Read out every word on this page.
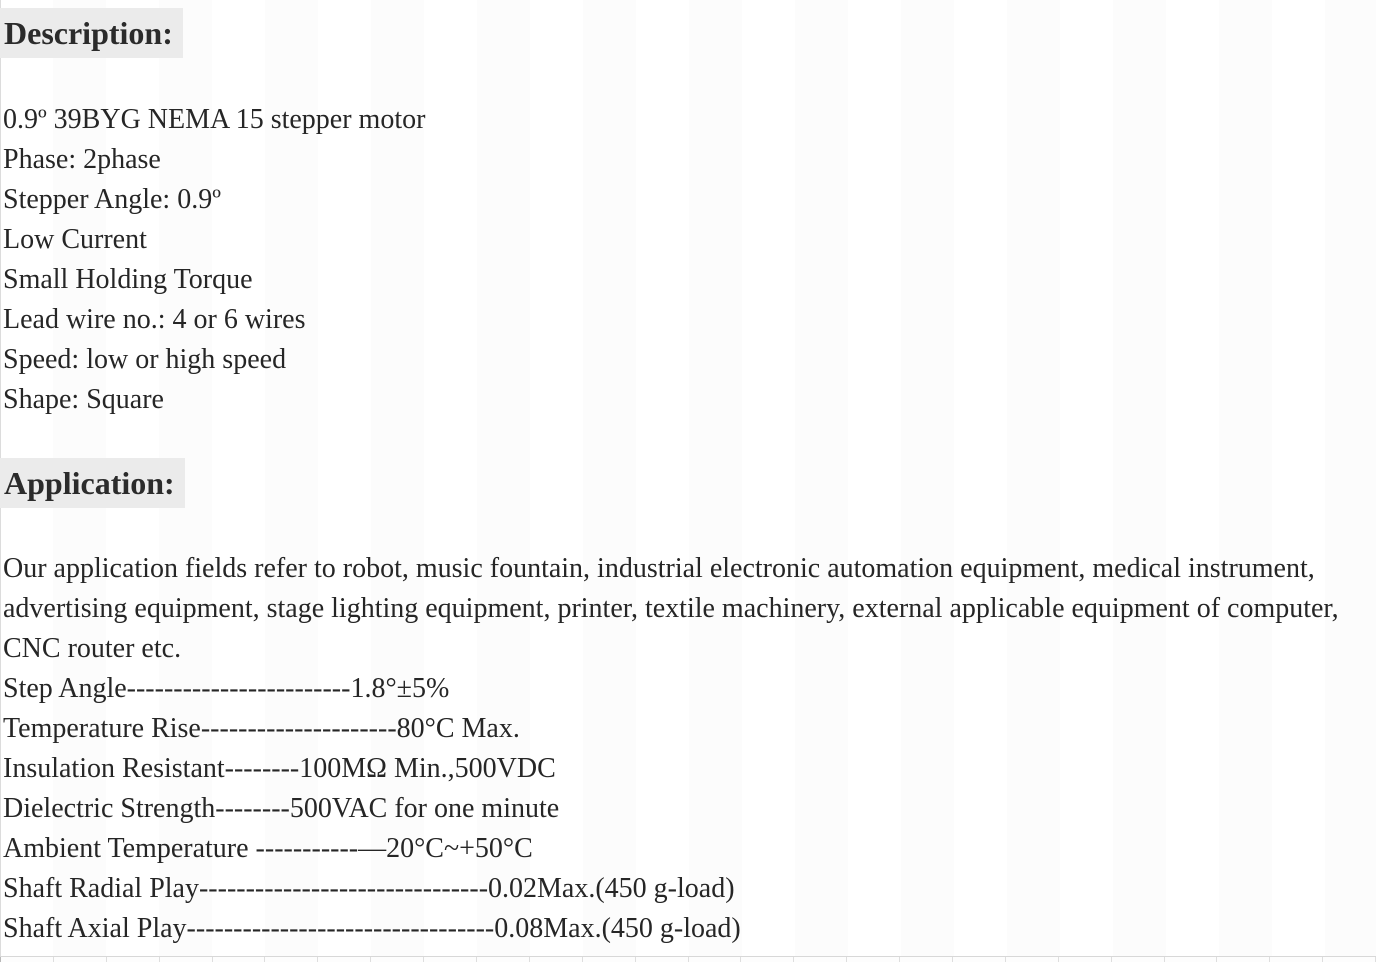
Description:
0.9º 39BYG NEMA 15 stepper motor
Phase: 2phase
Stepper Angle: 0.9º
Low Current
Small Holding Torque
Lead wire no.: 4 or 6 wires
Speed: low or high speed
Shape: Square
Application:

Our application fields refer to robot, music fountain, industrial electronic automation equipment, medical instrument, advertising equipment, stage lighting equipment, printer, textile machinery, external applicable equipment of computer, CNC router etc.

Step Angle------------------------1.8°±5%
Temperature Rise---------------------80°C Max.
Insulation Resistant--------100MΩ Min.,500VDC
Dielectric Strength--------500VAC for one minute
Ambient Temperature -----------—20°C~+50°C
Shaft Radial Play-------------------------------0.02Max.(450 g-load)
Shaft Axial Play---------------------------------0.08Max.(450 g-load)
